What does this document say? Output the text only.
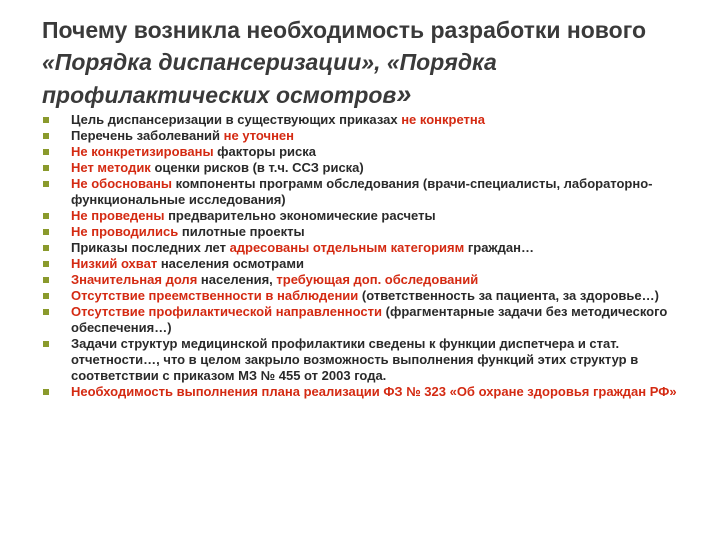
Почему возникла необходимость разработки нового «Порядка диспансеризации», «Порядка профилактических осмотров»
Цель диспансеризации в существующих приказах не конкретна
Перечень заболеваний не уточнен
Не конкретизированы факторы риска
Нет методик оценки рисков (в т.ч. ССЗ риска)
Не обоснованы компоненты программ обследования (врачи-специалисты, лабораторно-функциональные исследования)
Не проведены предварительно экономические расчеты
Не проводились пилотные проекты
Приказы последних лет адресованы отдельным категориям граждан…
Низкий охват населения осмотрами
Значительная доля населения, требующая доп. обследований
Отсутствие преемственности в наблюдении (ответственность за пациента, за здоровье…)
Отсутствие профилактической направленности (фрагментарные задачи без методического обеспечения…)
Задачи структур медицинской профилактики сведены к функции диспетчера и стат. отчетности…, что в целом закрыло возможность выполнения функций этих структур в соответствии с приказом МЗ № 455 от 2003 года.
Необходимость выполнения плана реализации ФЗ № 323 «Об охране здоровья граждан РФ»
